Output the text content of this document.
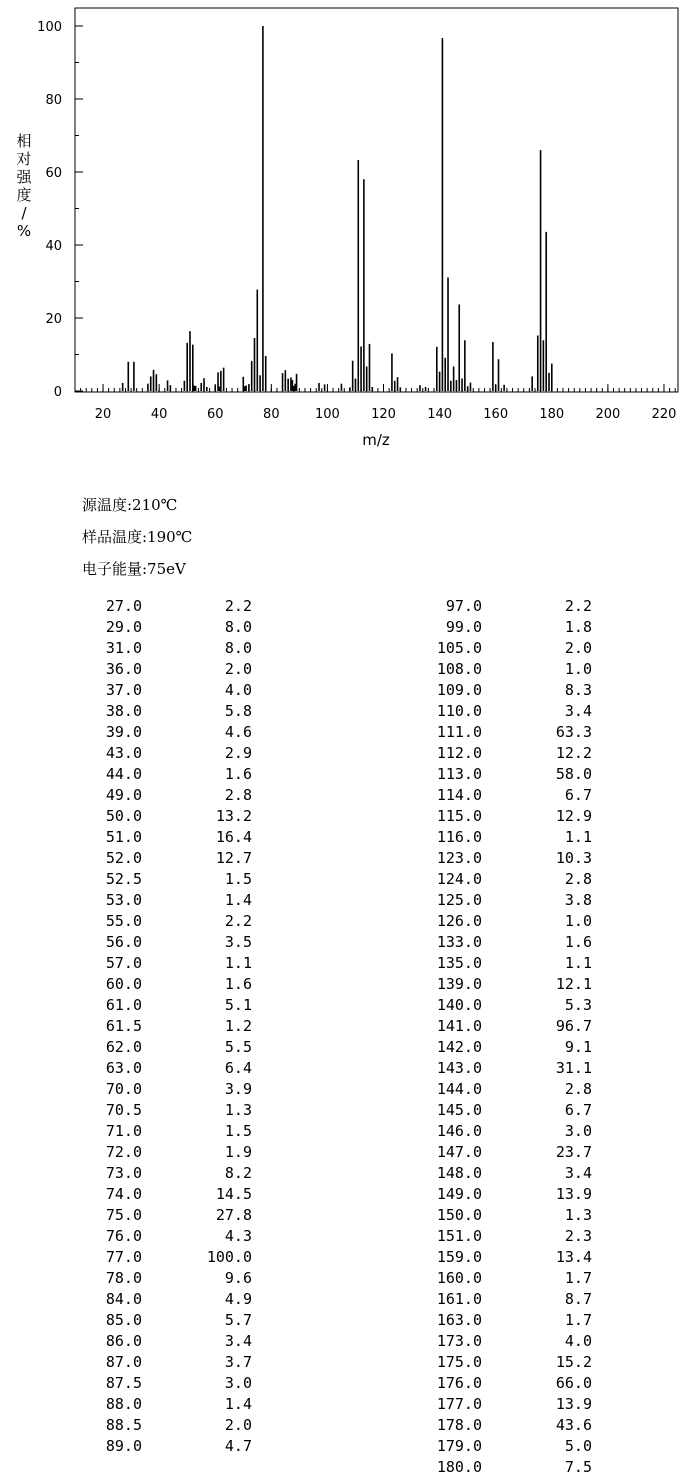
20	40	60	80	100 120 140 160 180 200 220
0
20
40
60
80
100
m/z
相
对
强
度
/
%
源温度:210℃
样品温度:190℃
电子能量:75eV
27.0	2.2
29.0	8.0
31.0	8.0
36.0	2.0
37.0	4.0
38.0	5.8
39.0	4.6
43.0	2.9
44.0	1.6
49.0	2.8
50.0	13.2
51.0	16.4
52.0	12.7
52.5	1.5
53.0	1.4
55.0	2.2
56.0	3.5
57.0	1.1
60.0	1.6
61.0	5.1
61.5	1.2
62.0	5.5
63.0	6.4
70.0	3.9
70.5	1.3
71.0	1.5
72.0	1.9
73.0	8.2
74.0	14.5
75.0	27.8
76.0	4.3
77.0	100.0
78.0	9.6
84.0	4.9
85.0	5.7
86.0	3.4
87.0	3.7
87.5	3.0
88.0	1.4
88.5	2.0
89.0	4.7
97.0	2.2
99.0	1.8
105.0	2.0
108.0	1.0
109.0	8.3
110.0	3.4
111.0	63.3
112.0	12.2
113.0	58.0
114.0	6.7
115.0	12.9
116.0	1.1
123.0	10.3
124.0	2.8
125.0	3.8
126.0	1.0
133.0	1.6
135.0	1.1
139.0	12.1
140.0	5.3
141.0	96.7
142.0	9.1
143.0	31.1
144.0	2.8
145.0	6.7
146.0	3.0
147.0	23.7
148.0	3.4
149.0	13.9
150.0	1.3
151.0	2.3
159.0	13.4
160.0	1.7
161.0	8.7
163.0	1.7
173.0	4.0
175.0	15.2
176.0	66.0
177.0	13.9
178.0	43.6
179.0	5.0
180.0	7.5
